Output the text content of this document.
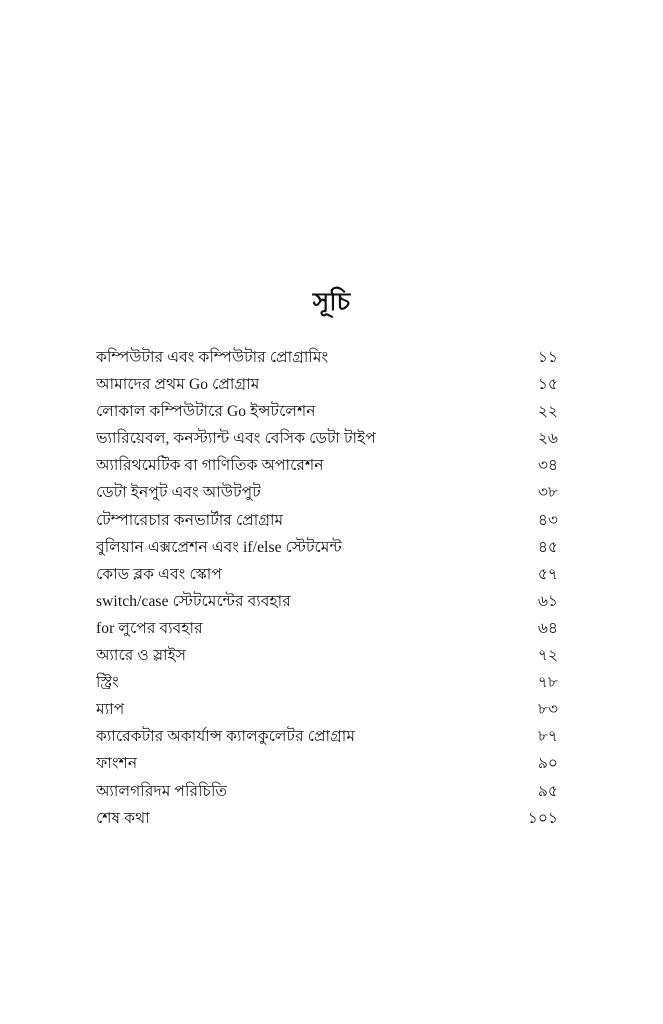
সূচি
কম্পিউটার এবং কম্পিউটার প্রোগ্রামিং	১১
আমাদের প্রথম Go প্রোগ্রাম	১৫
লোকাল কম্পিউটারে Go ইন্সটলেশন	২২
ভ্যারিয়েবল, কনস্ট্যান্ট এবং বেসিক ডেটা টাইপ	২৬
অ্যারিথমেটিক বা গাণিতিক অপারেশন	৩৪
ডেটা ইনপুট এবং আউটপুট	৩৮
টেম্পারেচার কনভার্টার প্রোগ্রাম	৪৩
বুলিয়ান এক্সপ্রেশন এবং if/else স্টেটমেন্ট	৪৫
কোড ব্লক এবং স্কোপ	৫৭
switch/case স্টেটমেন্টের ব্যবহার	৬১
for লুপের ব্যবহার	৬৪
অ্যারে ও স্লাইস	৭২
স্ট্রিং	৭৮
ম্যাপ	৮৩
ক্যারেকটার অকার্যান্স ক্যালকুলেটর প্রোগ্রাম	৮৭
ফাংশন	৯০
অ্যালগরিদম পরিচিতি	৯৫
শেষ কথা	১০১
